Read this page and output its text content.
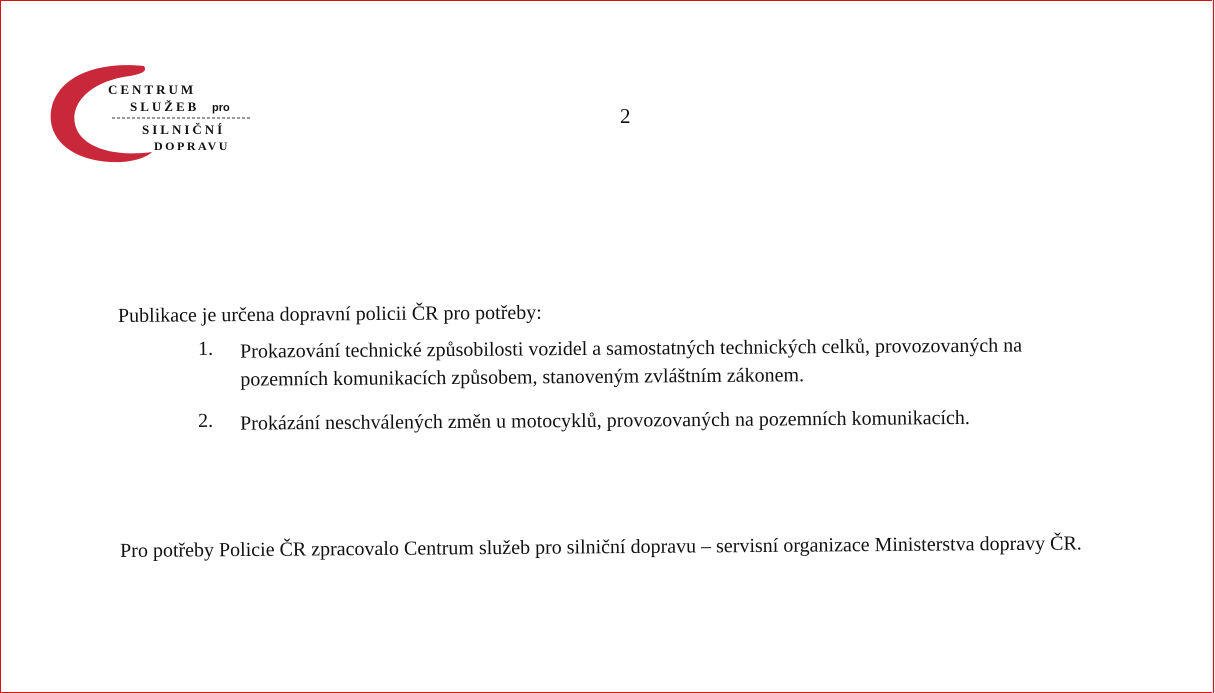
CENTRUM
SLUŽEB pro
SILNIČNÍ
DOPRAVU
2
Publikace je určena dopravní policii ČR pro potřeby:
1.	Prokazování technické způsobilosti vozidel a samostatných technických celků, provozovaných na
pozemních komunikacích způsobem, stanoveným zvláštním zákonem.
2.	Prokázání neschválených změn u motocyklů, provozovaných na pozemních komunikacích.
Pro potřeby Policie ČR zpracovalo Centrum služeb pro silniční dopravu – servisní organizace Ministerstva dopravy ČR.
